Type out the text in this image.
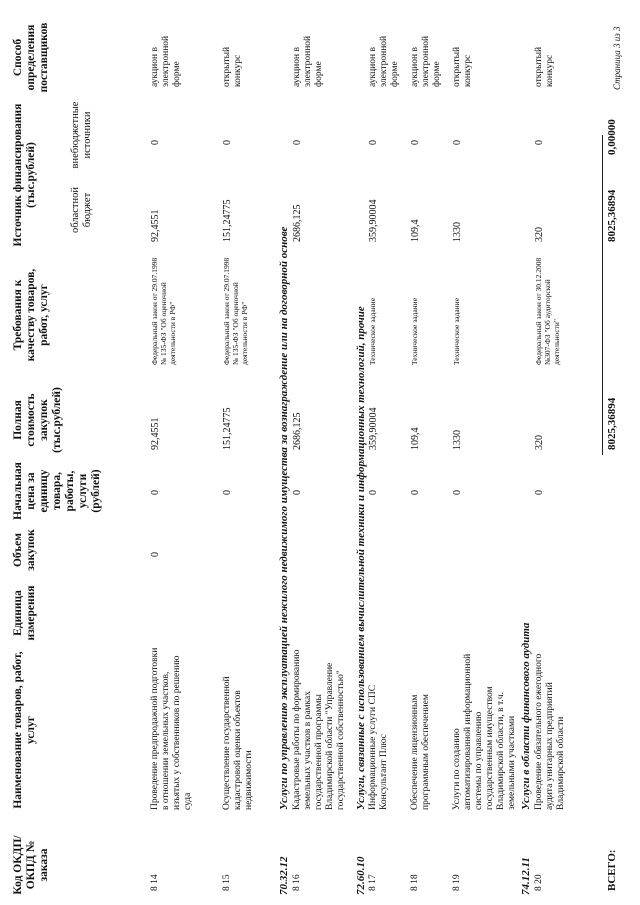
Код ОКДП/ ОКПД № заказа
Наименование товаров, работ, услуг
Единица измерения
Объем закупок
Начальная цена за единицу товара, работы, услуги (рублей)
Полная стоимость закупок (тыс.рублей)
Требования к качеству товаров, работ, услуг
Источник финансирования (тыс.рублей)
областной бюджет
внебюджетные источники
Способ определения поставщиков
8 14
Проведение предпродажной подготовки в отношении земельных участков, изъятых у собственников по решению суда
0
0
92,4551
Федеральный закон от 29.07.1998 № 135-ФЗ "Об оценочной деятельности в РФ"
92,4551
0
аукцион в электронной форме
8 15
Осуществление государственной кадастровой оценки объектов недвижимости
0
151,24775
Федеральный закон от 29.07.1998 № 135-ФЗ "Об оценочной деятельности в РФ"
151,24775
0
открытый конкурс
70.32.12
Услуги по управлению эксплуатацией нежилого недвижимого имущества за вознаграждение или на договорной основе
8 16
Кадастровые работы по формированию земельных участков в рамках государственной программы Владимирской области "Управление государственной собственностью"
0
2686,125
2686,125
0
аукцион в электронной форме
72.60.10
Услуги, связанные с использованием вычислительной техники и информационных технологий, прочие
8 17
Информационные услуги СПС Консультант Плюс
0
359,90004
Техническое задание
359,90004
0
аукцион в электронной форме
8 18
Обеспечение лицензионным программным обеспечением
0
109,4
Техническое задание
109,4
0
аукцион в электронной форме
8 19
Услуги по созданию автоматизированной информационной системы по управлению государственным имуществом Владимирской области, в т.ч. земельными участками
0
1330
Техническое задание
1330
0
открытый конкурс
74.12.11
Услуги в области финансового аудита
8 20
Проведение обязательного ежегодного аудита унитарных предприятий Владимирской области
0
320
Федеральный закон от 30.12.2008 №307-ФЗ "Об аудиторской деятельности"
320
0
открытый конкурс
ВСЕГО:
8025,36894
8025,36894
0,00000
Страница 3 из 3
